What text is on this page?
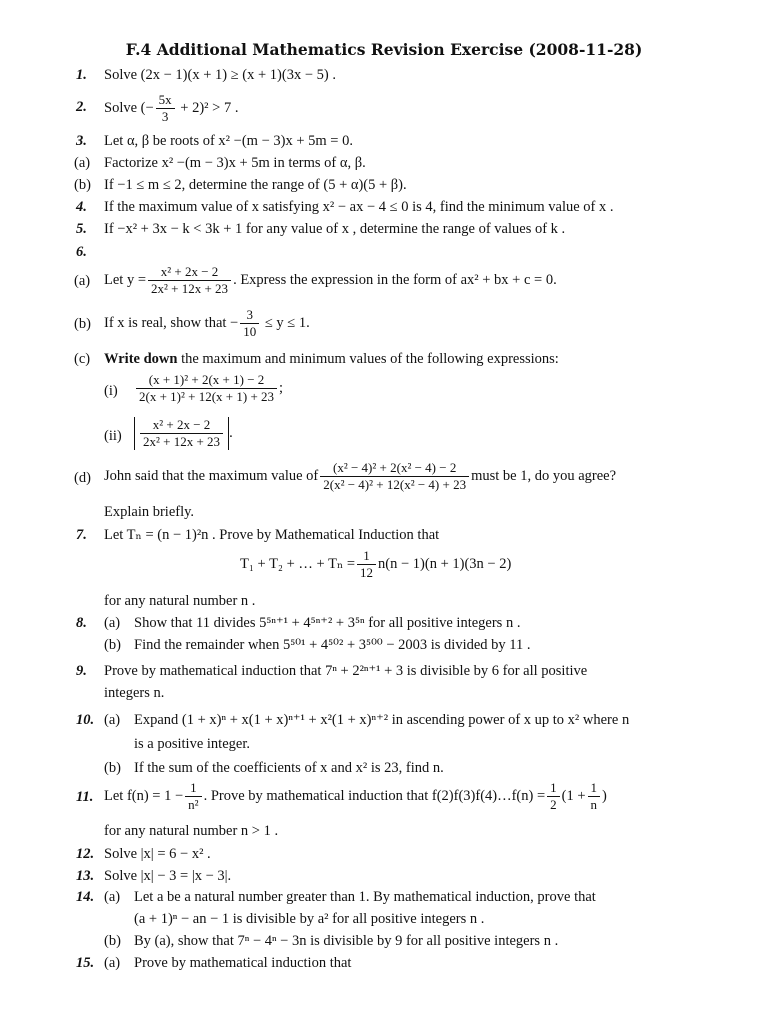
F.4 Additional Mathematics Revision Exercise (2008-11-28)
1.	Solve (2x − 1)(x + 1) ≥ (x + 1)(3x − 5) .
2.	Solve (− $\frac{5x}{3} + 2)^2 > 7$ .
3.	Let α, β be roots of x² −(m − 3)x + 5m = 0.
(a) Factorize x² −(m − 3)x + 5m in terms of α, β.
(b) If −1 ≤ m ≤ 2, determine the range of (5 + α)(5 + β).
4.	If the maximum value of x satisfying x² − ax − 4 ≤ 0 is 4, find the minimum value of x .
5.	If −x² + 3x − k < 3k + 1 for any value of x , determine the range of values of k .
6.
(a) Let $y = \frac{\text{x² + 2x − 2}}{\text{2x² + 12x + 23}}$ . Express the expression in the form of ax² + bx + c = 0.
(b) If x is real, show that − $\frac{3}{10} \le y \le 1$.
(c) Write down the maximum and minimum values of the following expressions:
$(i) \frac{\text{(x + 1)² + 2(x + 1) − 2}}{\text{2(x + 1)² + 12(x + 1) + 23}}$ ;
$(ii) \frac{\text{x² + 2x − 2}}{\text{2x² + 12x + 23}}$ .
(d) John said that the maximum value of $\frac{\text{(x² − 4)² + 2(x² − 4) − 2}}{\text{2(x² − 4)² + 12(x² − 4) + 23}}$ must be 1, do you agree?
Explain briefly.
7.	Let Tₙ = (n − 1)²n . Prove by Mathematical Induction that
T₁ + T₂ + … + $T_n = \frac{1}{12} n(n - 1)(n + 1)(3n - 2)$
for any natural number n .
8.	(a) Show that 11 divides 5⁵ⁿ⁺¹ + 4⁵ⁿ⁺² + 3⁵ⁿ for all positive integers n .
(b) Find the remainder when 5⁵⁰¹ + 4⁵⁰² + 3⁵⁰⁰ − 2003 is divided by 11 .
9.	Prove by mathematical induction that 7ⁿ + 2²ⁿ⁺¹ + 3 is divisible by 6 for all positive
integers n.
10. (a) Expand (1 + x)ⁿ + x(1 + x)ⁿ⁺¹ + x²(1 + x)ⁿ⁺² in ascending power of x up to x² where n
is a positive integer.
(b) If the sum of the coefficients of x and x² is 23, find n.
11. Let $f(n) = 1 - \frac{1}{\text{n²}}$ . Prove by mathematical induction that f(2)f(3)f(4)…f(n) = $\frac{1}{2} (1 + \frac{1}{n}$ )
for any natural number n > 1 .
12. Solve |x| = 6 − x² .
13. Solve |x| − 3 = |x − 3|.
14. (a) Let a be a natural number greater than 1. By mathematical induction, prove that
(a + 1)ⁿ − an − 1 is divisible by a² for all positive integers n .
(b) By (a), show that 7ⁿ − 4ⁿ − 3n is divisible by 9 for all positive integers n .
15. (a) Prove by mathematical induction that
